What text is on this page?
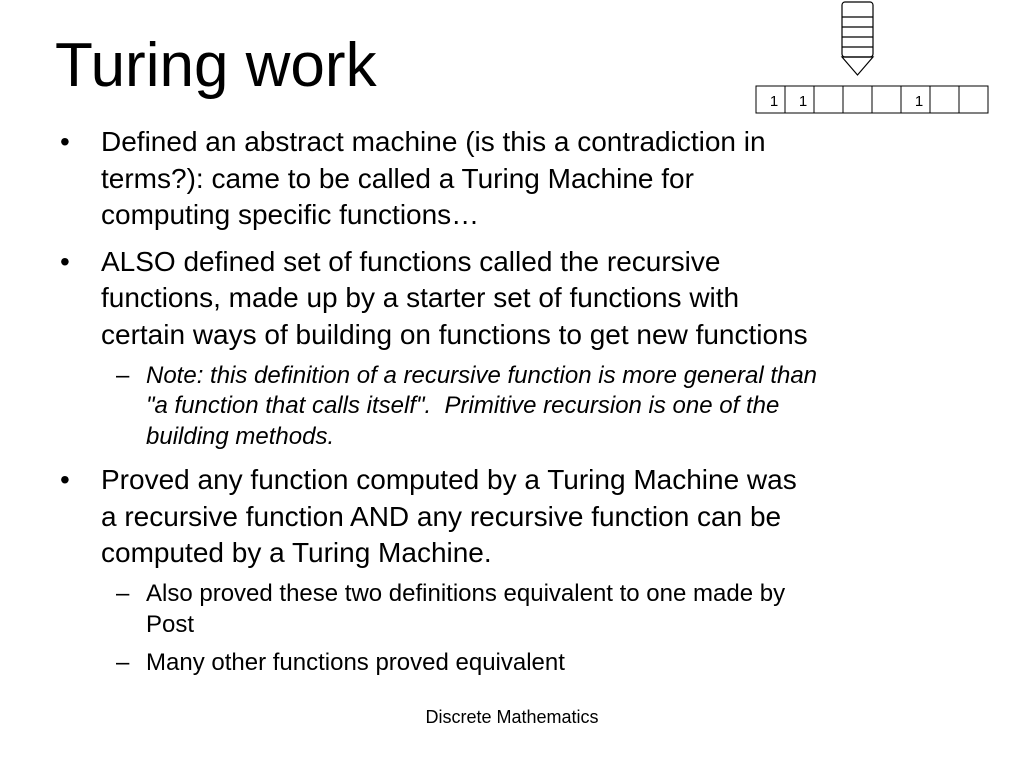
Turing work
1 1	1
• Defined an abstract machine (is this a contradiction in
terms?): came to be called a Turing Machine for
computing specific functions…
• ALSO defined set of functions called the recursive
functions, made up by a starter set of functions with
certain ways of building on functions to get new functions
– Note: this definition of a recursive function is more general than
"a function that calls itself".  Primitive recursion is one of the
building methods.
• Proved any function computed by a Turing Machine was
a recursive function AND any recursive function can be
computed by a Turing Machine.
– Also proved these two definitions equivalent to one made by
Post
– Many other functions proved equivalent
Discrete Mathematics
